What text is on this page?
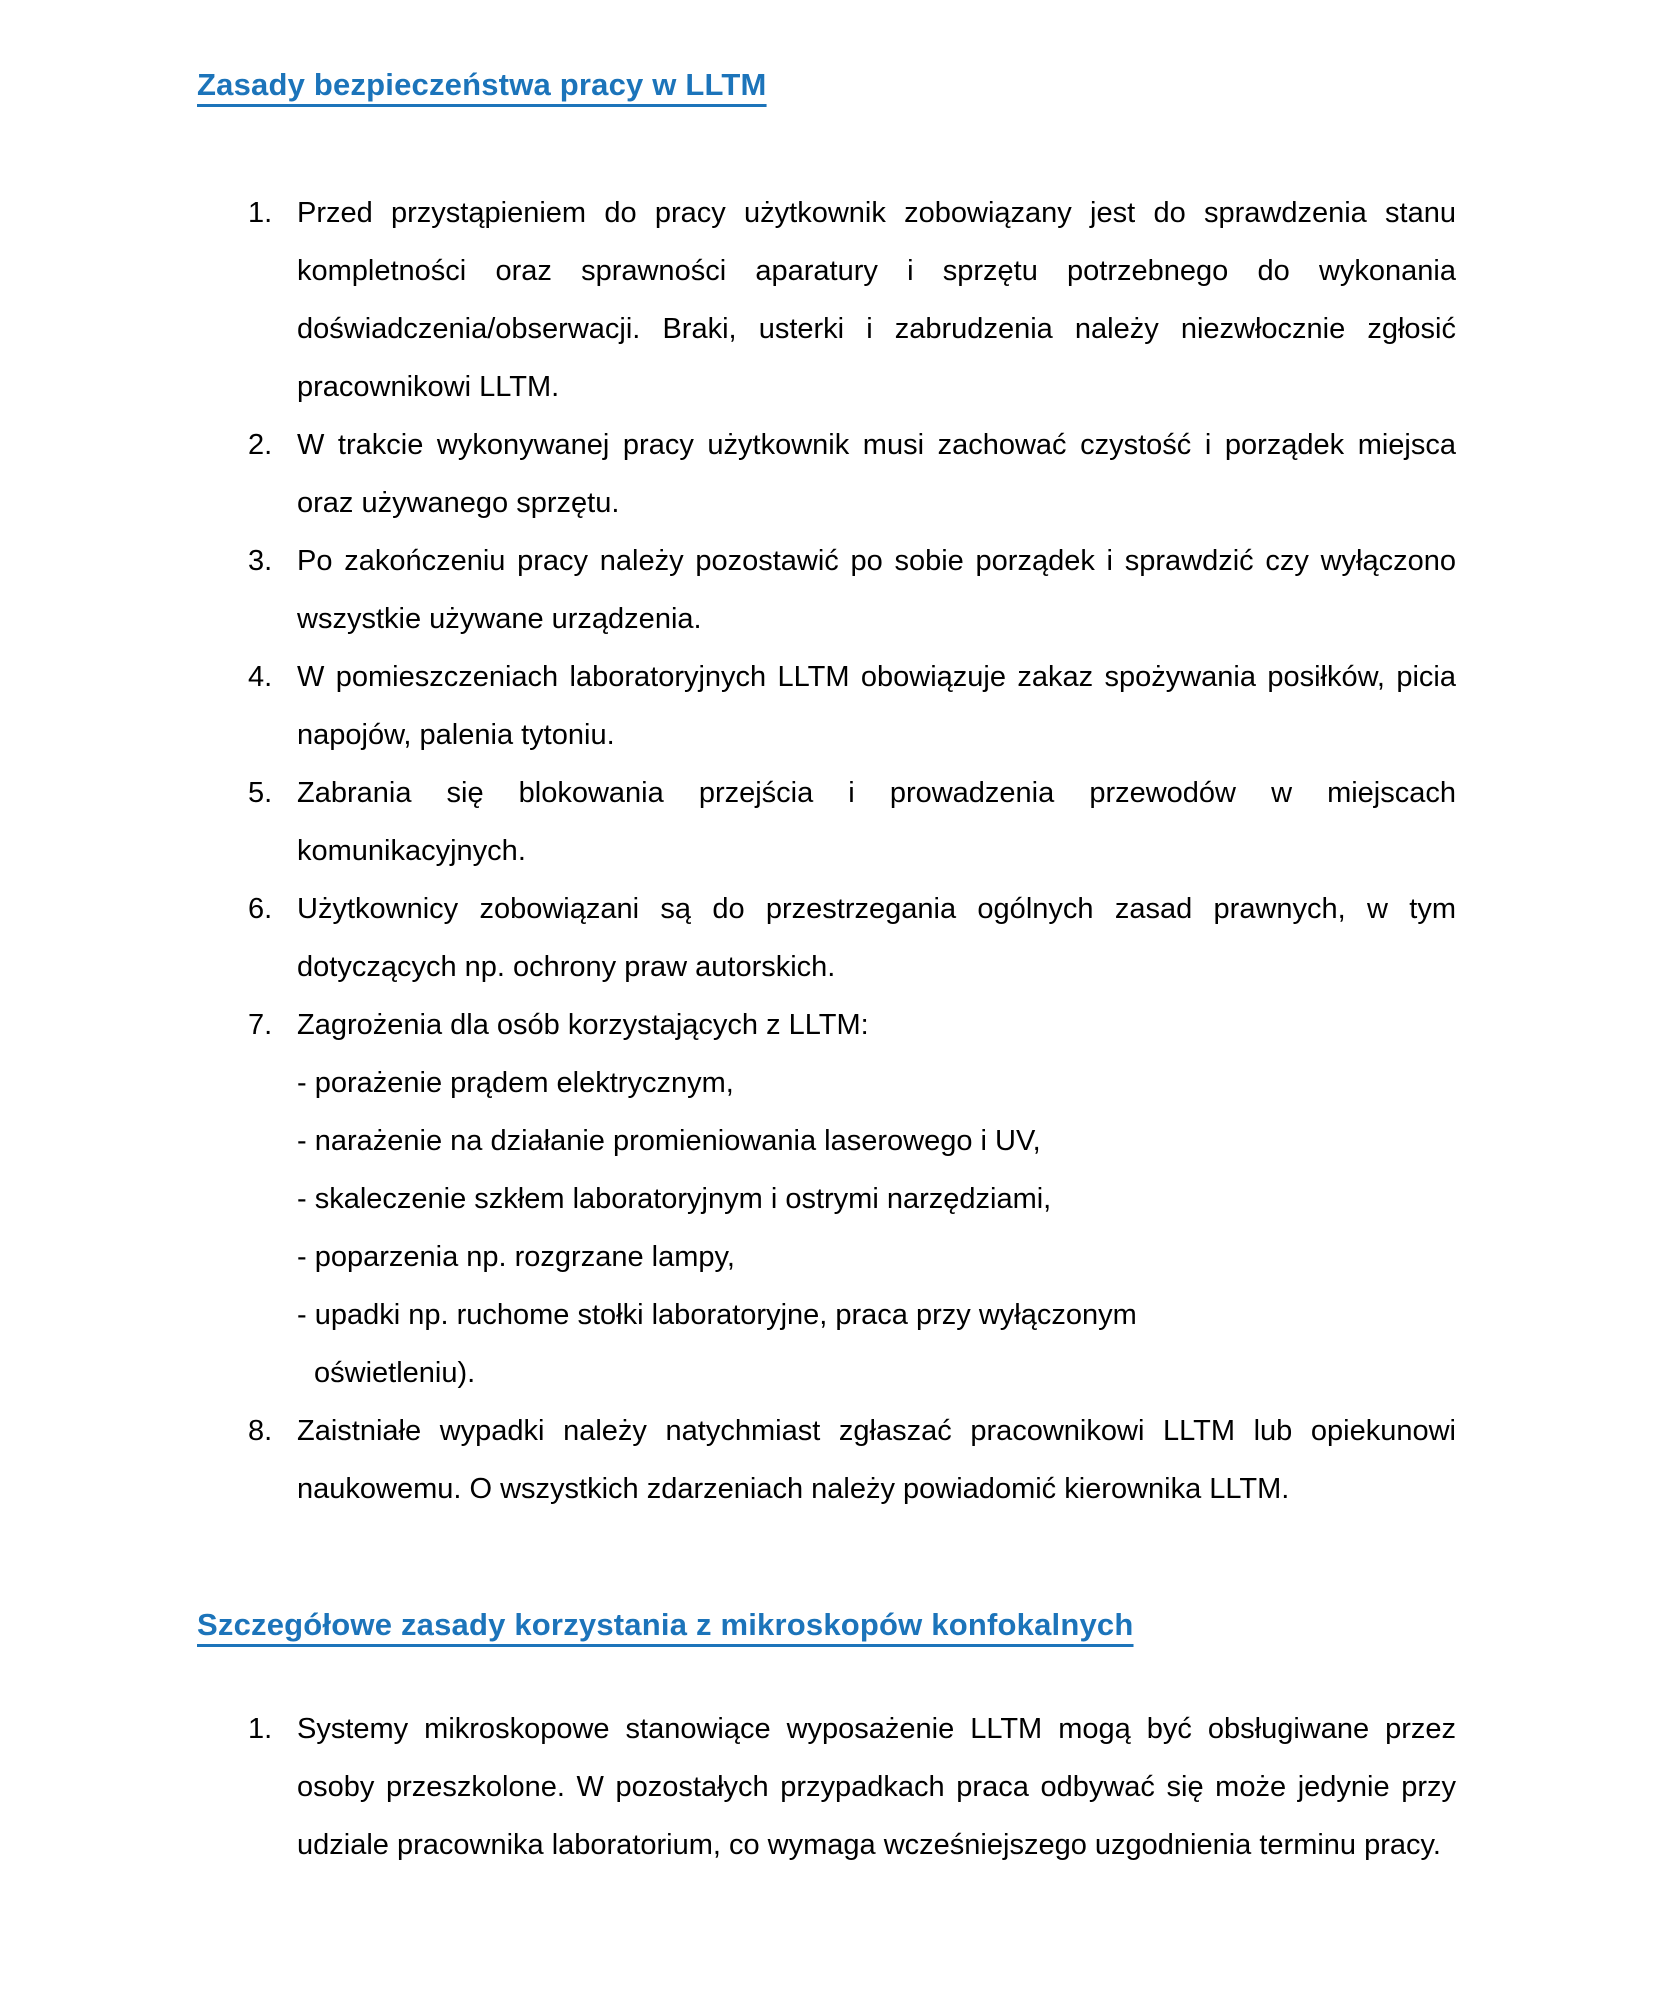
Zasady bezpieczeństwa pracy w LLTM
1. Przed przystąpieniem do pracy użytkownik zobowiązany jest do sprawdzenia stanu kompletności oraz sprawności aparatury i sprzętu potrzebnego do wykonania doświadczenia/obserwacji. Braki, usterki i zabrudzenia należy niezwłocznie zgłosić pracownikowi LLTM.
2. W trakcie wykonywanej pracy użytkownik musi zachować czystość i porządek miejsca oraz używanego sprzętu.
3. Po zakończeniu pracy należy pozostawić po sobie porządek i sprawdzić czy wyłączono wszystkie używane urządzenia.
4. W pomieszczeniach laboratoryjnych LLTM obowiązuje zakaz spożywania posiłków, picia napojów, palenia tytoniu.
5. Zabrania się blokowania przejścia i prowadzenia przewodów w miejscach komunikacyjnych.
6. Użytkownicy zobowiązani są do przestrzegania ogólnych zasad prawnych, w tym dotyczących np. ochrony praw autorskich.
7. Zagrożenia dla osób korzystających z LLTM:
- porażenie prądem elektrycznym,
- narażenie na działanie promieniowania laserowego i UV,
- skaleczenie szkłem laboratoryjnym i ostrymi narzędziami,
- poparzenia np. rozgrzane lampy,
- upadki np. ruchome stołki laboratoryjne, praca przy wyłączonym
oświetleniu).
8. Zaistniałe wypadki należy natychmiast zgłaszać pracownikowi LLTM lub opiekunowi naukowemu. O wszystkich zdarzeniach należy powiadomić kierownika LLTM.
Szczegółowe zasady korzystania z mikroskopów konfokalnych
1. Systemy mikroskopowe stanowiące wyposażenie LLTM mogą być obsługiwane przez osoby przeszkolone. W pozostałych przypadkach praca odbywać się może jedynie przy udziale pracownika laboratorium, co wymaga wcześniejszego uzgodnienia terminu pracy.
